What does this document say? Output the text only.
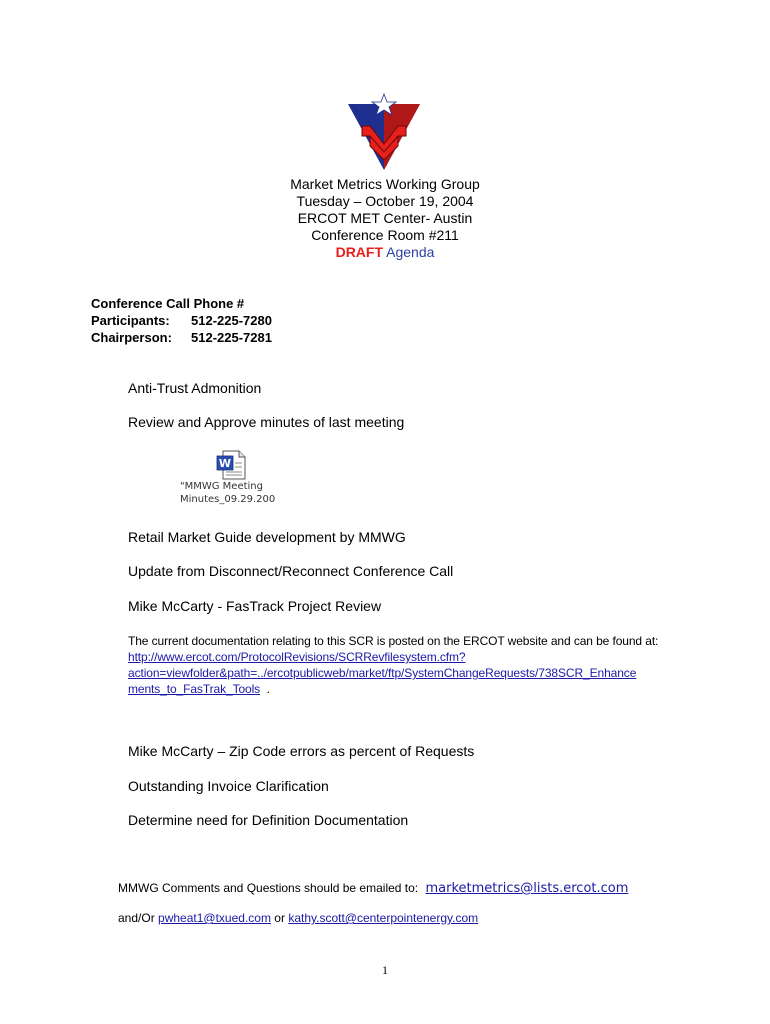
Market Metrics Working Group
Tuesday – October 19, 2004
ERCOT MET Center- Austin
Conference Room #211
DRAFT Agenda
Conference Call Phone #
Participants: 512-225-7280
Chairperson: 512-225-7281
Anti-Trust Admonition
Review and Approve minutes of last meeting
W
"MMWG Meeting
Minutes_09.29.200
Retail Market Guide development by MMWG
Update from Disconnect/Reconnect Conference Call
Mike McCarty - FasTrack Project Review
The current documentation relating to this SCR is posted on the ERCOT website and can be found at:
http://www.ercot.com/ProtocolRevisions/SCRRevfilesystem.cfm?
action=viewfolder&path=../ercotpublicweb/market/ftp/SystemChangeRequests/738SCR_Enhance
ments_to_FasTrak_Tools .
Mike McCarty – Zip Code errors as percent of Requests
Outstanding Invoice Clarification
Determine need for Definition Documentation
MMWG Comments and Questions should be emailed to: marketmetrics@lists.ercot.com
and/Or pwheat1@txued.com or kathy.scott@centerpointenergy.com
1
